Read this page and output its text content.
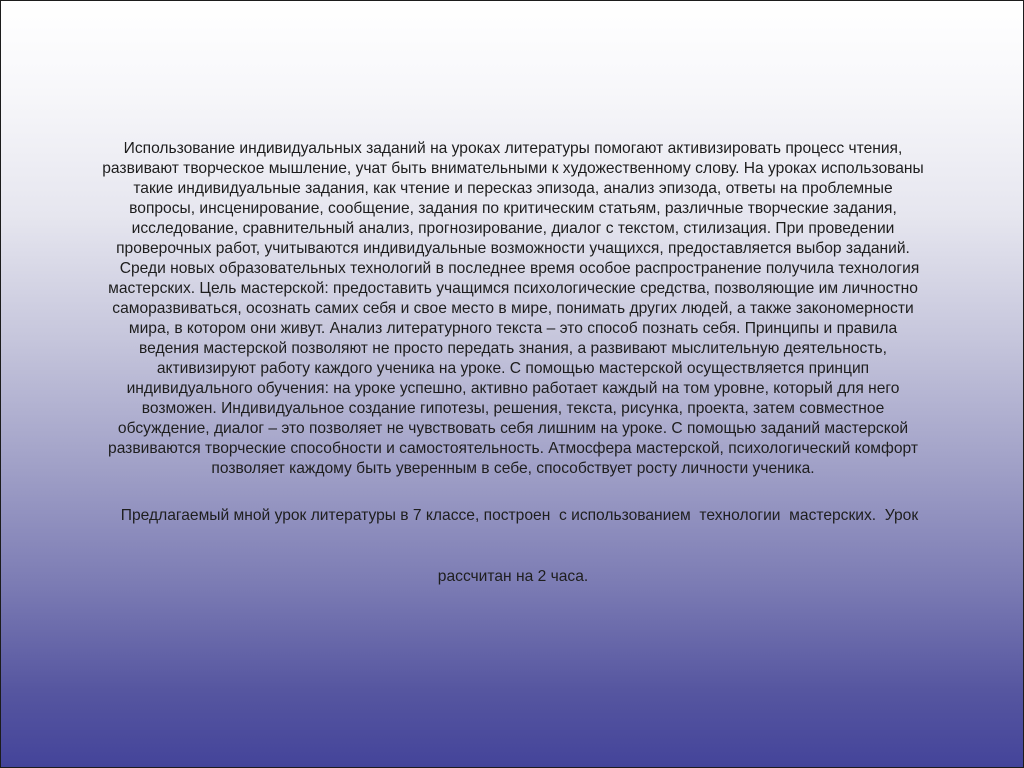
Использование индивидуальных заданий на уроках литературы помогают активизировать процесс чтения,
развивают творческое мышление, учат быть внимательными к художественному слову. На уроках использованы
такие индивидуальные задания, как чтение и пересказ эпизода, анализ эпизода, ответы на проблемные
вопросы, инсценирование, сообщение, задания по критическим статьям, различные творческие задания,
исследование, сравнительный анализ, прогнозирование, диалог с текстом, стилизация. При проведении
проверочных работ, учитываются индивидуальные возможности учащихся, предоставляется выбор заданий.
Среди новых образовательных технологий в последнее время особое распространение получила технология
мастерских. Цель мастерской: предоставить учащимся психологические средства, позволяющие им личностно
саморазвиваться, осознать самих себя и свое место в мире, понимать других людей, а также закономерности
мира, в котором они живут. Анализ литературного текста – это способ познать себя. Принципы и правила
ведения мастерской позволяют не просто передать знания, а развивают мыслительную деятельность,
активизируют работу каждого ученика на уроке. С помощью мастерской осуществляется принцип
индивидуального обучения: на уроке успешно, активно работает каждый на том уровне, который для него
возможен. Индивидуальное создание гипотезы, решения, текста, рисунка, проекта, затем совместное
обсуждение, диалог – это позволяет не чувствовать себя лишним на уроке. С помощью заданий мастерской
развиваются творческие способности и самостоятельность. Атмосфера мастерской, психологический комфорт
позволяет каждому быть уверенным в себе, способствует росту личности ученика.
Предлагаемый мной урок литературы в 7 классе, построен  с использованием  технологии  мастерских.  Урок
рассчитан на 2 часа.
